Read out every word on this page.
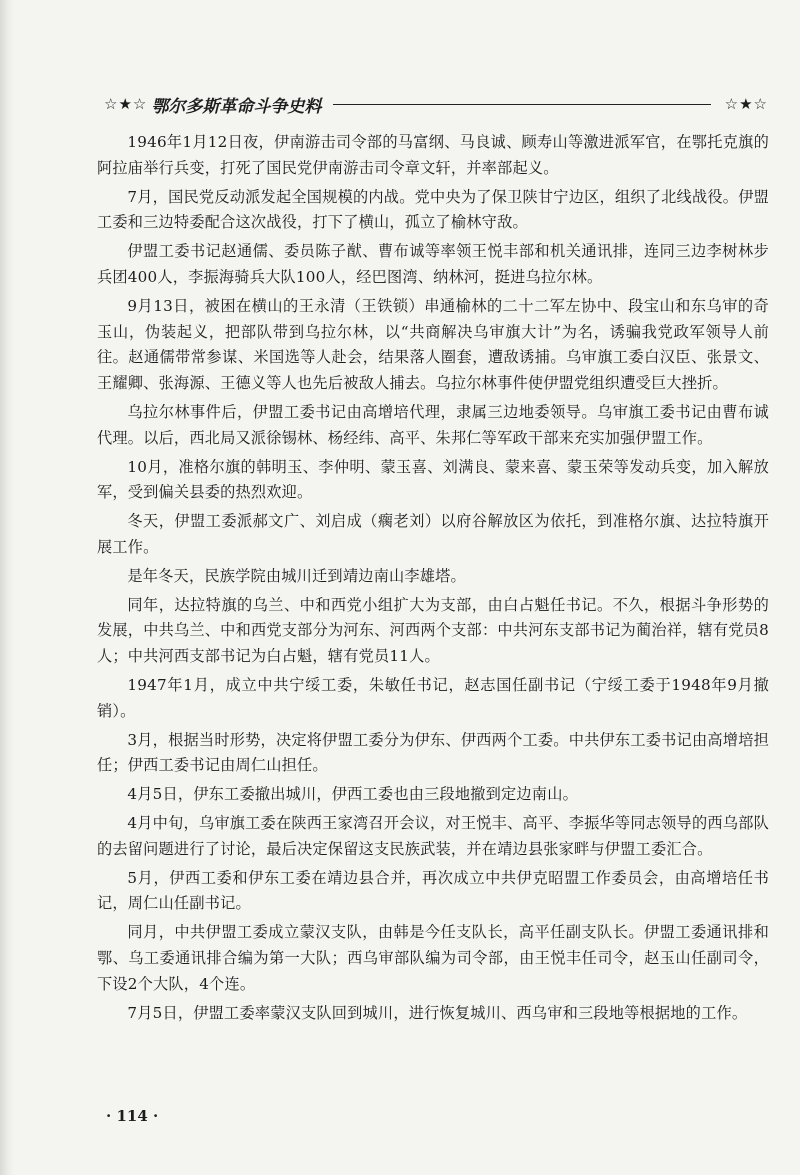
☆★☆ 鄂尔多斯革命斗争史料	☆★☆

1946年1月12日夜，伊南游击司令部的马富纲、马良诚、顾寿山等激进派军官，在鄂托克旗的阿拉庙举行兵变，打死了国民党伊南游击司令章文轩，并率部起义。

7月，国民党反动派发起全国规模的内战。党中央为了保卫陕甘宁边区，组织了北线战役。伊盟工委和三边特委配合这次战役，打下了横山，孤立了榆林守敌。

伊盟工委书记赵通儒、委员陈子猷、曹布诚等率领王悦丰部和机关通讯排，连同三边李树林步兵团400人，李振海骑兵大队100人，经巴图湾、纳林河，挺进乌拉尔林。

9月13日，被困在横山的王永清（王铁锁）串通榆林的二十二军左协中、段宝山和东乌审的奇玉山，伪装起义，把部队带到乌拉尔林，以“共商解决乌审旗大计”为名，诱骗我党政军领导人前往。赵通儒带常参谋、米国选等人赴会，结果落人圈套，遭敌诱捕。乌审旗工委白汉臣、张景文、王耀卿、张海源、王德义等人也先后被敌人捕去。乌拉尔林事件使伊盟党组织遭受巨大挫折。

乌拉尔林事件后，伊盟工委书记由高增培代理，隶属三边地委领导。乌审旗工委书记由曹布诚代理。以后，西北局又派徐锡林、杨经纬、高平、朱邦仁等军政干部来充实加强伊盟工作。

10月，准格尔旗的韩明玉、李仲明、蒙玉喜、刘满良、蒙来喜、蒙玉荣等发动兵变，加入解放军，受到偏关县委的热烈欢迎。

冬天，伊盟工委派郝文广、刘启成（瘸老刘）以府谷解放区为依托，到准格尔旗、达拉特旗开展工作。

是年冬天，民族学院由城川迁到靖边南山李雄塔。

同年，达拉特旗的乌兰、中和西党小组扩大为支部，由白占魁任书记。不久，根据斗争形势的发展，中共乌兰、中和西党支部分为河东、河西两个支部：中共河东支部书记为蔺治祥，辖有党员8人；中共河西支部书记为白占魁，辖有党员11人。

1947年1月，成立中共宁绥工委，朱敏任书记，赵志国任副书记（宁绥工委于1948年9月撤销）。

3月，根据当时形势，决定将伊盟工委分为伊东、伊西两个工委。中共伊东工委书记由高增培担任；伊西工委书记由周仁山担任。

4月5日，伊东工委撤出城川，伊西工委也由三段地撤到定边南山。

4月中旬，乌审旗工委在陕西王家湾召开会议，对王悦丰、高平、李振华等同志领导的西乌部队的去留问题进行了讨论，最后决定保留这支民族武装，并在靖边县张家畔与伊盟工委汇合。

5月，伊西工委和伊东工委在靖边县合并，再次成立中共伊克昭盟工作委员会，由高增培任书记，周仁山任副书记。

同月，中共伊盟工委成立蒙汉支队，由韩是今任支队长，高平任副支队长。伊盟工委通讯排和鄂、乌工委通讯排合编为第一大队；西乌审部队编为司令部，由王悦丰任司令，赵玉山任副司令，下设2个大队，4个连。

7月5日，伊盟工委率蒙汉支队回到城川，进行恢复城川、西乌审和三段地等根据地的工作。

· 114 ·
